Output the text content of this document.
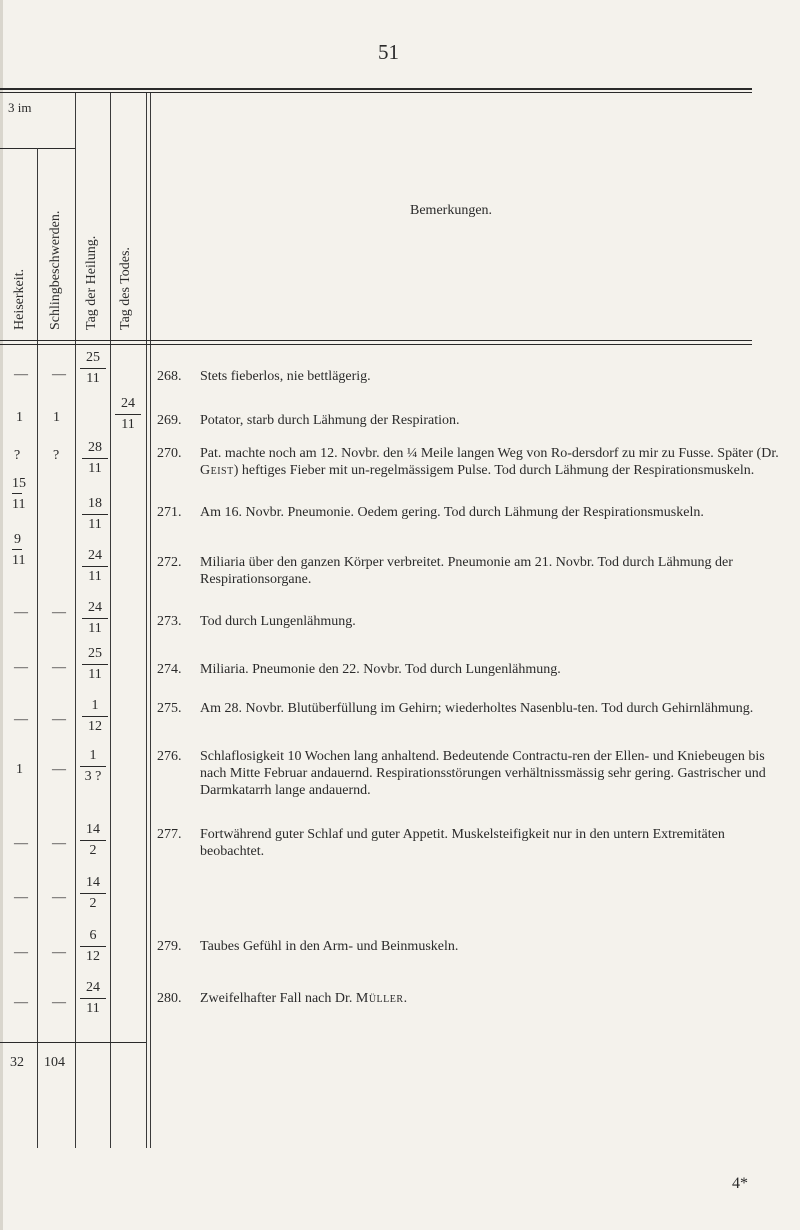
51
3 im
Heiserkeit. Schlingbeschwerden. Tag der Heilung. Tag des Todes.
Bemerkungen.
—
1
?
15
11
9
11
—
—
—
1
—
—
—
—
—
1
?
—
—
—
—
—
—
—
—
25
11
1
3 ?
14
2
14
2
6
12
24
11
24
11
28
11
18
11
24
11
24
11
25
11
1
12
268. Stets fieberlos, nie bettlägerig.
269. Potator, starb durch Lähmung der Respiration.
270. Pat. machte noch am 12. Novbr. den ¼ Meile langen Weg von Ro-dersdorf zu mir zu Fusse. Später (Dr. Geist) heftiges Fieber mit un-regelmässigem Pulse. Tod durch Lähmung der Respirationsmuskeln.
271. Am 16. Novbr. Pneumonie. Oedem gering. Tod durch Lähmung der Respirationsmuskeln.
272. Miliaria über den ganzen Körper verbreitet. Pneumonie am 21. Novbr. Tod durch Lähmung der Respirationsorgane.
273. Tod durch Lungenlähmung.
274. Miliaria. Pneumonie den 22. Novbr. Tod durch Lungenlähmung.
275. Am 28. Novbr. Blutüberfüllung im Gehirn; wiederholtes Nasenblu-ten. Tod durch Gehirnlähmung.
276. Schlaflosigkeit 10 Wochen lang anhaltend. Bedeutende Contractu-ren der Ellen- und Kniebeugen bis nach Mitte Februar andauernd. Respirationsstörungen verhältnissmässig sehr gering. Gastrischer und Darmkatarrh lange andauernd.
277. Fortwährend guter Schlaf und guter Appetit. Muskelsteifigkeit nur in den untern Extremitäten beobachtet.
279. Taubes Gefühl in den Arm- und Beinmuskeln.
280. Zweifelhafter Fall nach Dr. Müller.
32 104
4*
